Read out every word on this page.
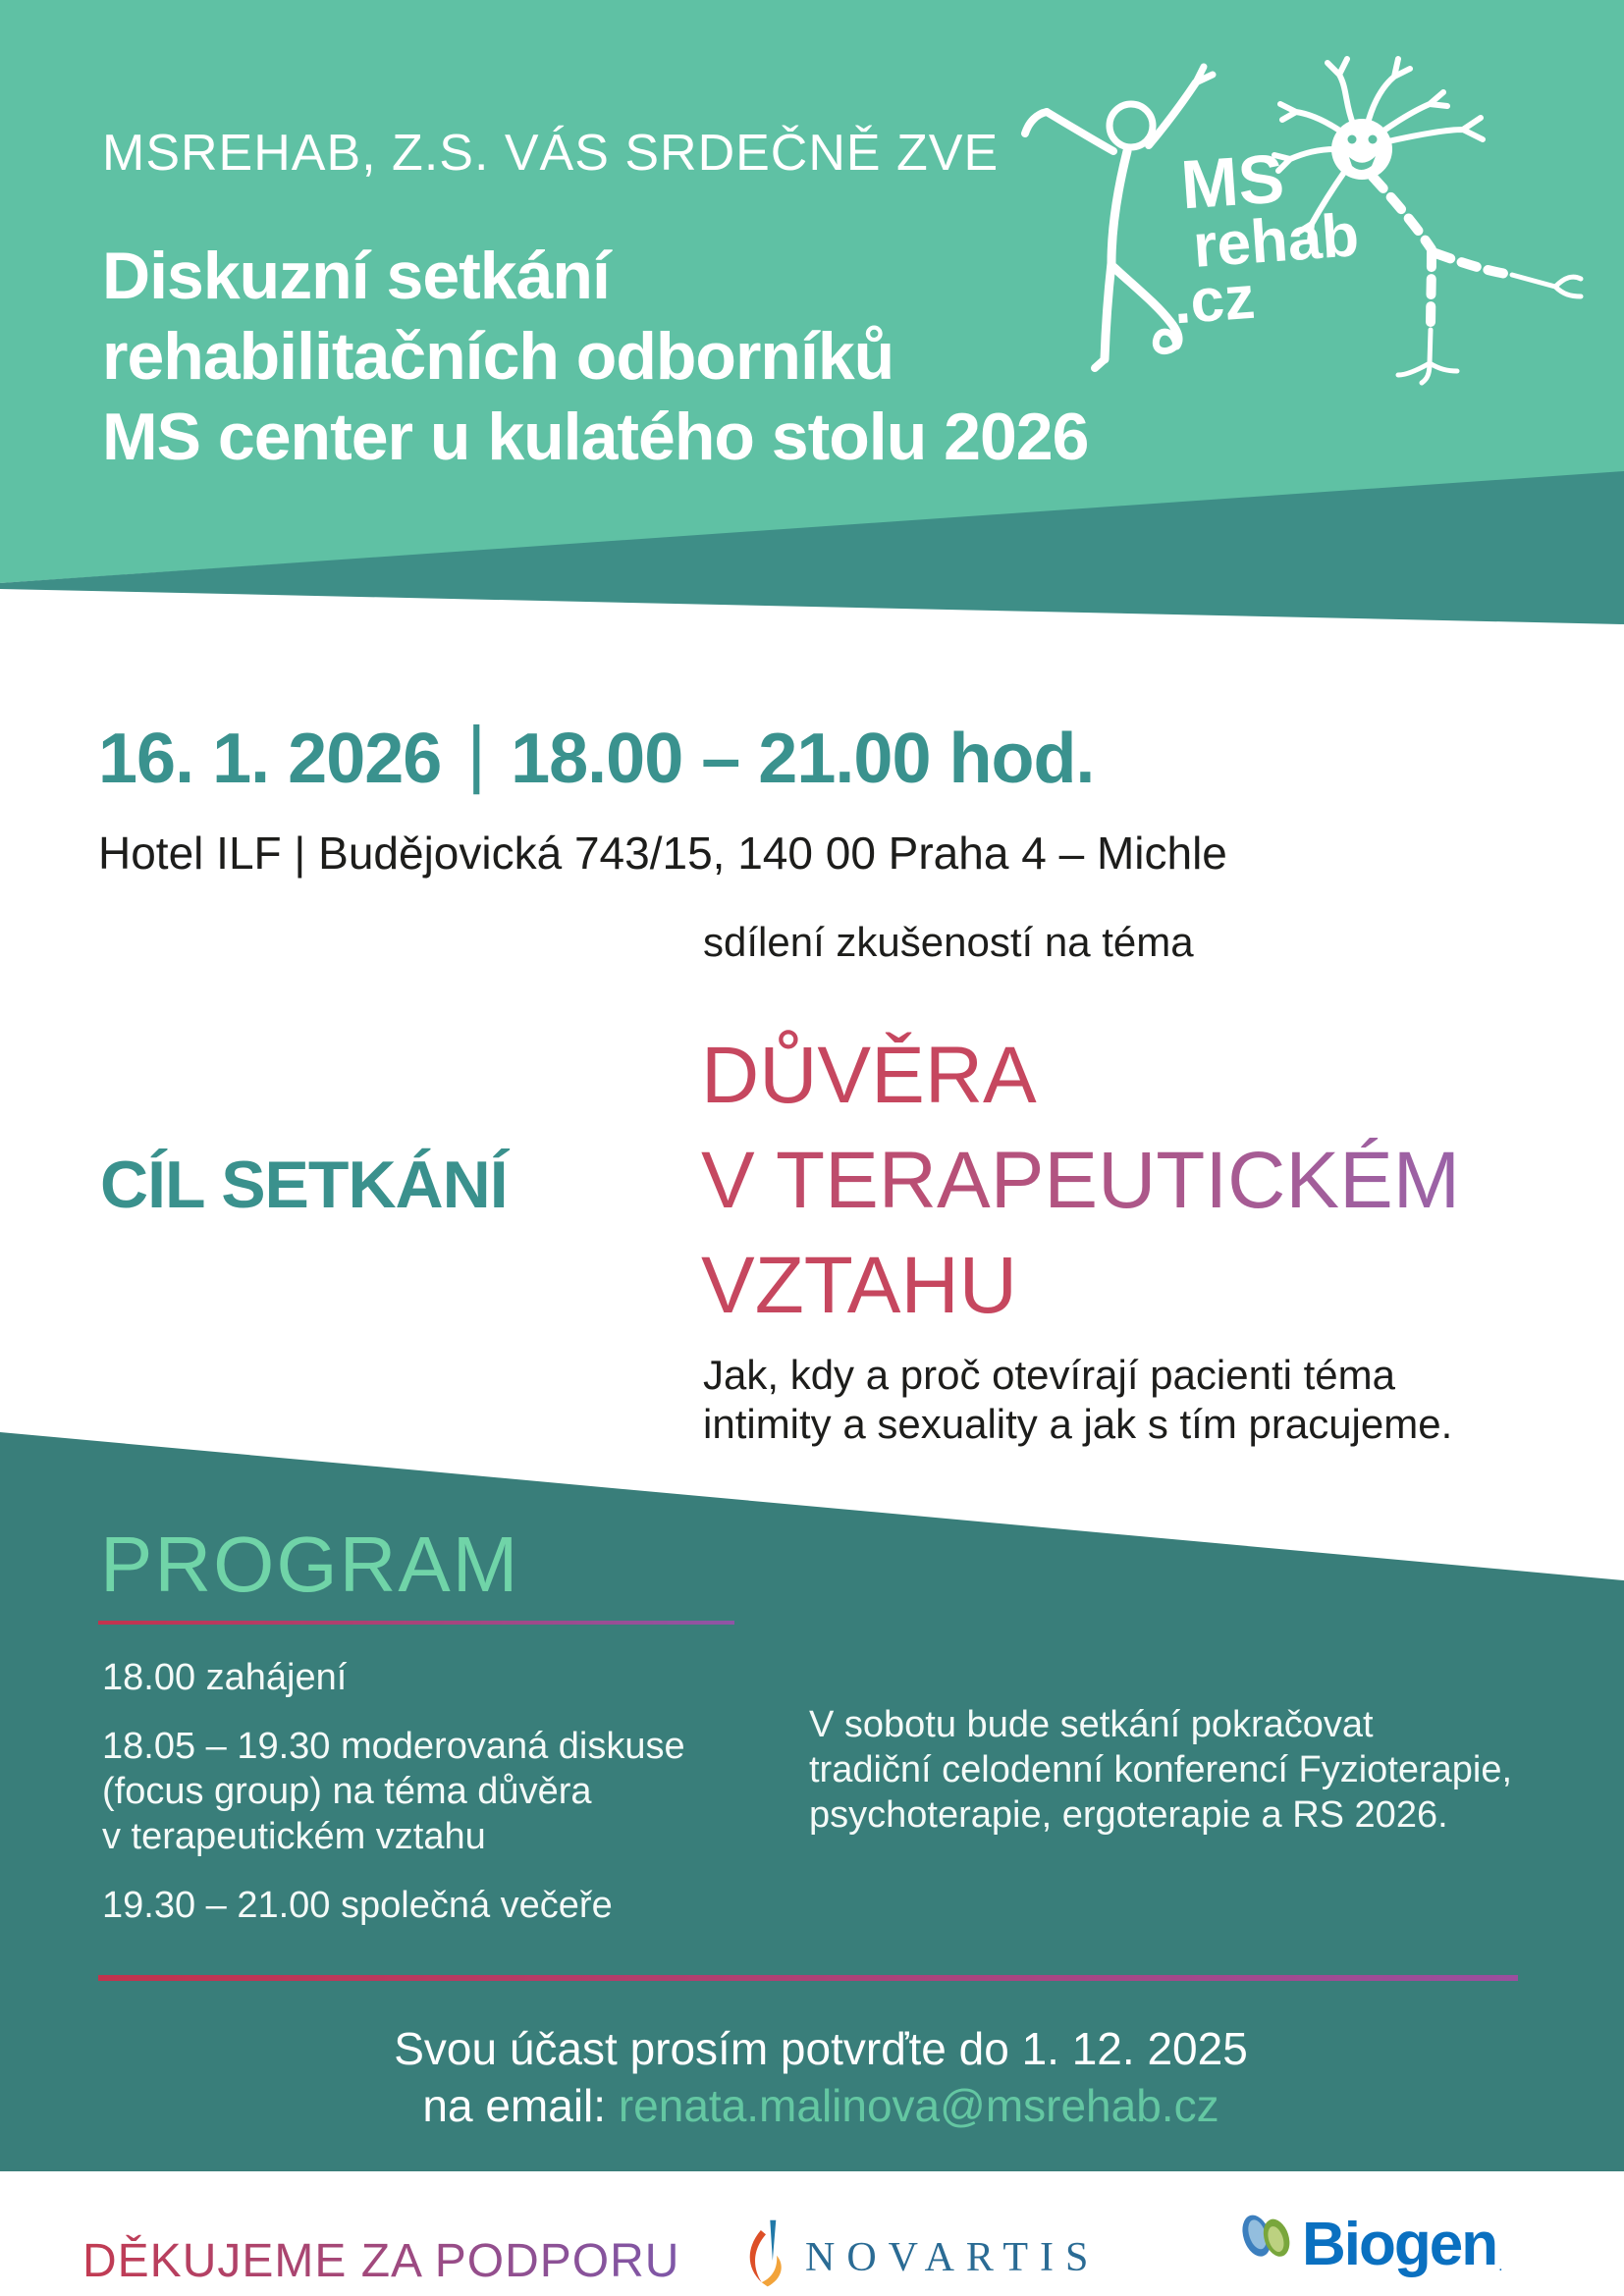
MSREHAB, Z.S. VÁS SRDEČNĚ ZVE
Diskuzní setkání
rehabilitačních odborníků
MS center u kulatého stolu 2026
MS
rehab
.cz
16. 1. 2026 | 18.00 – 21.00 hod.
Hotel ILF | Budějovická 743/15, 140 00 Praha 4 – Michle
sdílení zkušeností na téma
DŮVĚRA
V TERAPEUTICKÉM
VZTAHU
CÍL SETKÁNÍ
Jak, kdy a proč otevírají pacienti téma
intimity a sexuality a jak s tím pracujeme.
PROGRAM
18.00 zahájení
18.05 – 19.30 moderovaná diskuse
(focus group) na téma důvěra
v terapeutickém vztahu
19.30 – 21.00 společná večeře
V sobotu bude setkání pokračovat
tradiční celodenní konferencí Fyzioterapie,
psychoterapie, ergoterapie a RS 2026.
Svou účast prosím potvrďte do 1. 12. 2025
na email: renata.malinova@msrehab.cz
DĚKUJEME ZA PODPORU	NOVARTIS	Biogen .
